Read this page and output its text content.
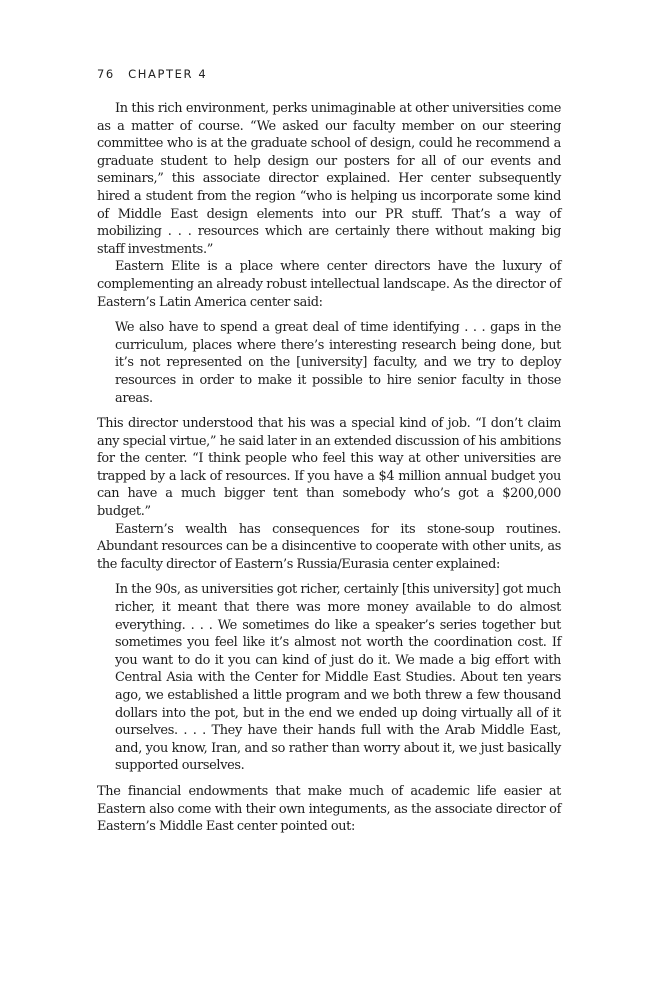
76 CHAPTER 4

In this rich environment, perks unimaginable at other universities come as a matter of course. “We asked our faculty member on our steering committee who is at the graduate school of design, could he recommend a graduate student to help design our posters for all of our events and seminars,” this associate director explained. Her center subsequently hired a student from the region “who is helping us incorporate some kind of Middle East design elements into our PR stuff. That’s a way of mobilizing . . . resources which are certainly there without making big staff investments.”

Eastern Elite is a place where center directors have the luxury of complementing an already robust intellectual landscape. As the director of Eastern’s Latin America center said:

We also have to spend a great deal of time identifying . . . gaps in the curriculum, places where there’s interesting research being done, but it’s not represented on the [university] faculty, and we try to deploy resources in order to make it possible to hire senior faculty in those areas.

This director understood that his was a special kind of job. “I don’t claim any special virtue,” he said later in an extended discussion of his ambitions for the center. “I think people who feel this way at other universities are trapped by a lack of resources. If you have a $4 million annual budget you can have a much bigger tent than somebody who’s got a $200,000 budget.”

Eastern’s wealth has consequences for its stone-soup routines. Abundant resources can be a disincentive to cooperate with other units, as the faculty director of Eastern’s Russia/Eurasia center explained:

In the 90s, as universities got richer, certainly [this university] got much richer, it meant that there was more money available to do almost everything. . . . We sometimes do like a speaker’s series together but sometimes you feel like it’s almost not worth the coordination cost. If you want to do it you can kind of just do it. We made a big effort with Central Asia with the Center for Middle East Studies. About ten years ago, we established a little program and we both threw a few thousand dollars into the pot, but in the end we ended up doing virtually all of it ourselves. . . . They have their hands full with the Arab Middle East, and, you know, Iran, and so rather than worry about it, we just basically supported ourselves.

The financial endowments that make much of academic life easier at Eastern also come with their own integuments, as the associate director of Eastern’s Middle East center pointed out:
